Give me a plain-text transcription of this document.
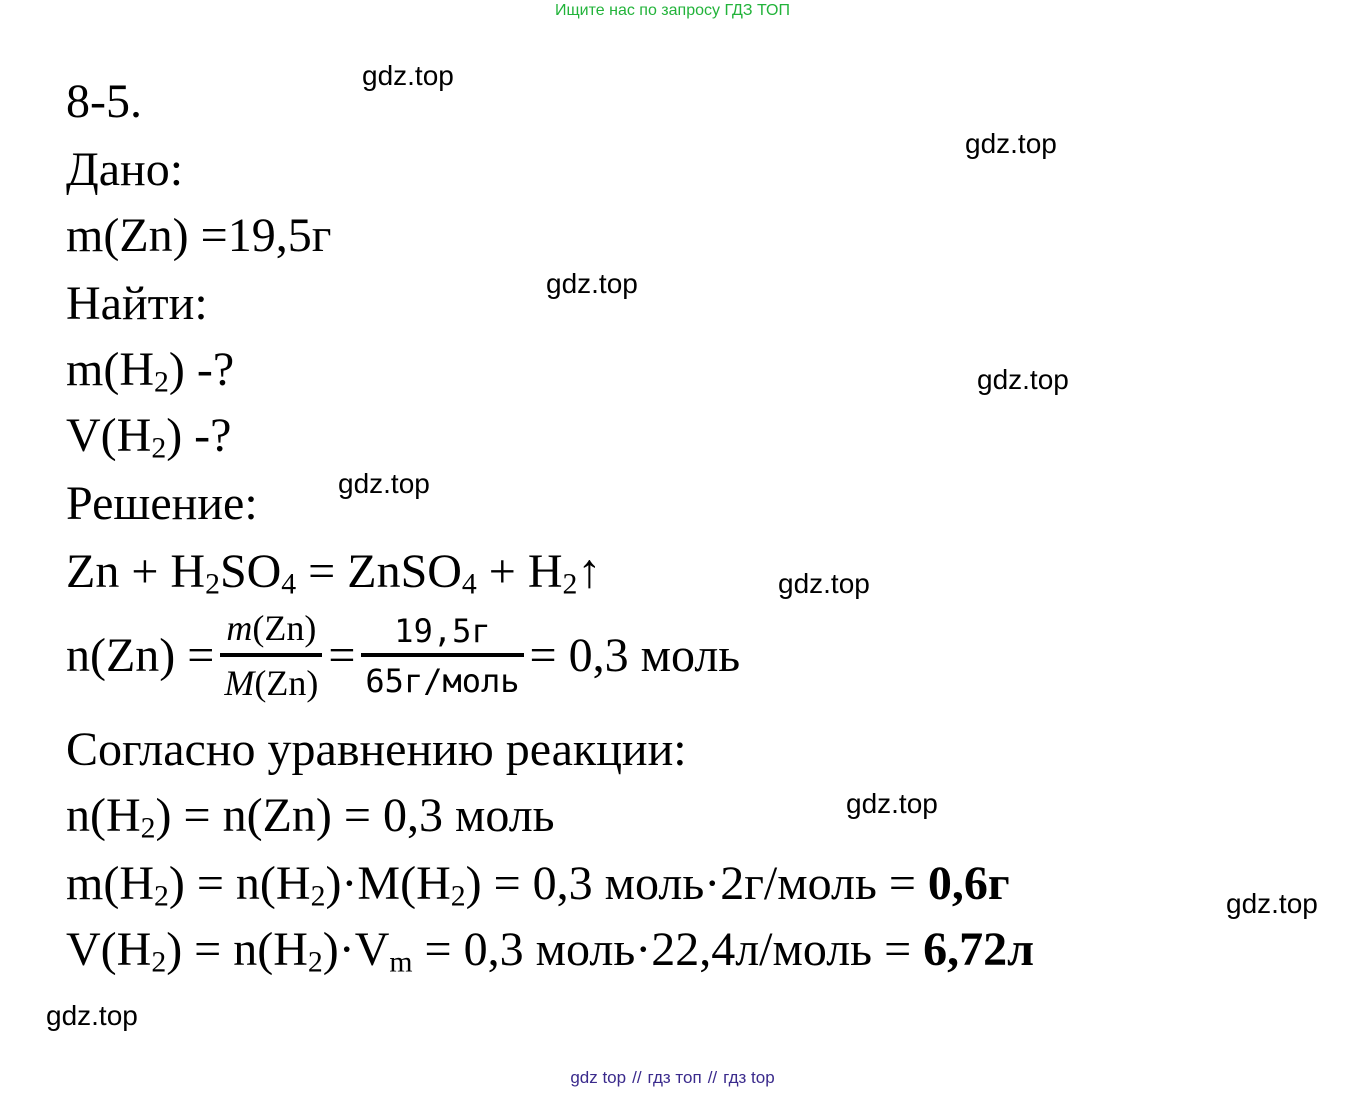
Ищите нас по запросу ГДЗ ТОП
8-5.
Дано:
m(Zn) =19,5г
Найти:
$m(H_2)$ -?
$V(H_2)$ -?
Решение:
$Zn + H_2SO_4$ = ZnSO$_4$ + $H_2↑$
$n(Zn) = \frac{m(Zn)}{M(Zn)} = \frac{19,5г}{\text{65г/моль}} = 0,3$ моль
Согласно уравнению реакции:
$n(H_2) = n(Zn) = 0,3$ моль
$m(H_2) = n(H_2)\cdot M(H_2) = 0,3$ моль·2г/моль = 0,6г
$V(H_2) = n(H_2)\cdot V_m = 0,3$ моль·22,4л/моль = 6,72л
gdz.top
gdz.top
gdz.top
gdz.top
gdz.top
gdz.top
gdz.top
gdz.top
gdz.top
gdz top // гдз топ // гдз top
